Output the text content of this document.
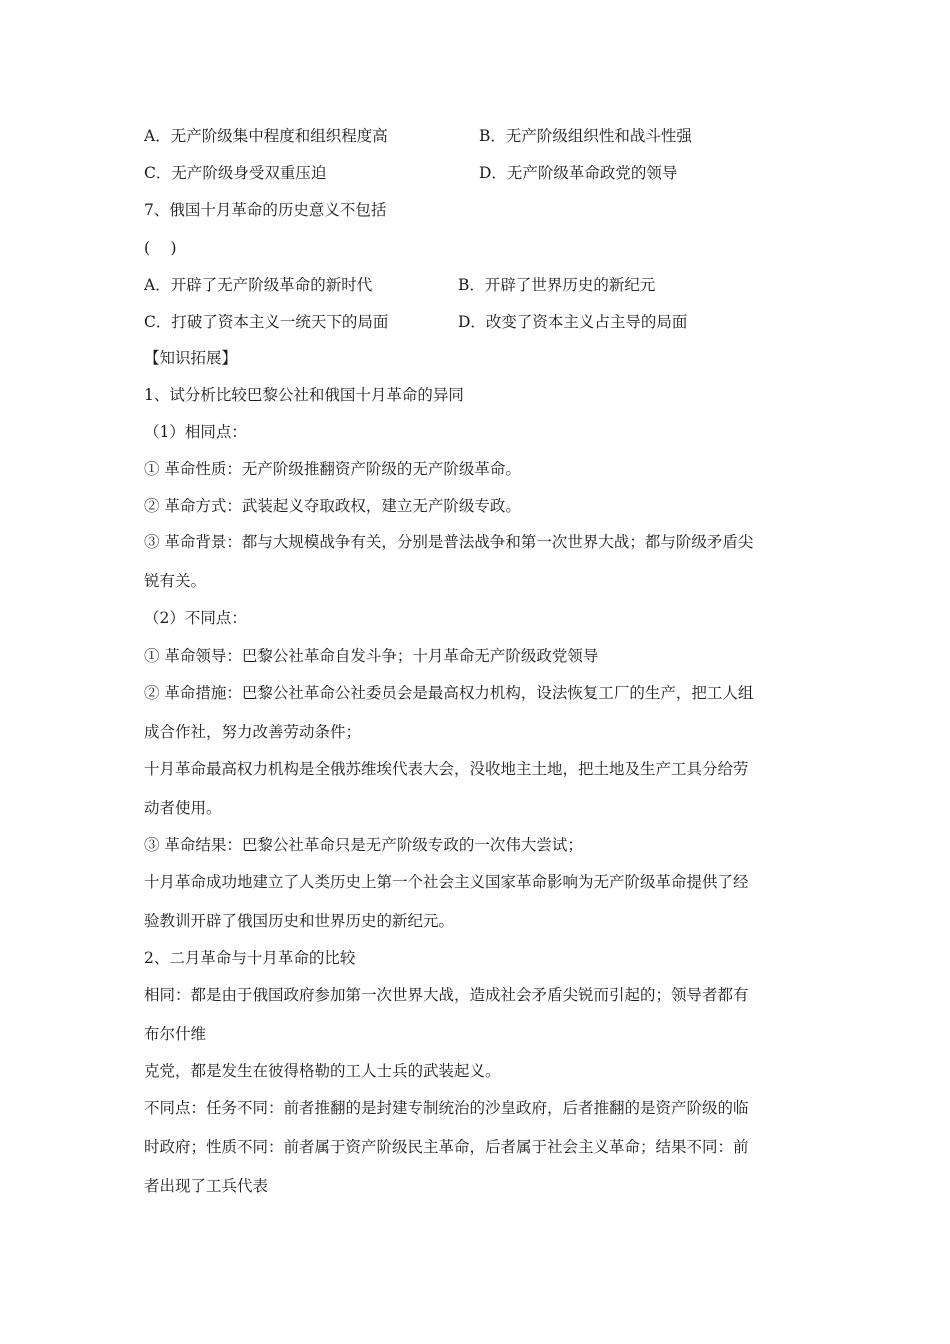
A．无产阶级集中程度和组织程度高	B．无产阶级组织性和战斗性强
C．无产阶级身受双重压迫	D．无产阶级革命政党的领导
7、俄国十月革命的历史意义不包括
(　 )
A．开辟了无产阶级革命的新时代	B．开辟了世界历史的新纪元
C．打破了资本主义一统天下的局面	D．改变了资本主义占主导的局面
【知识拓展】
1、试分析比较巴黎公社和俄国十月革命的异同
（1）相同点：
① 革命性质：无产阶级推翻资产阶级的无产阶级革命。
② 革命方式：武装起义夺取政权，建立无产阶级专政。
③ 革命背景：都与大规模战争有关，分别是普法战争和第一次世界大战；都与阶级矛盾尖
锐有关。
（2）不同点：
① 革命领导：巴黎公社革命自发斗争；十月革命无产阶级政党领导
② 革命措施：巴黎公社革命公社委员会是最高权力机构，设法恢复工厂的生产，把工人组
成合作社，努力改善劳动条件；
十月革命最高权力机构是全俄苏维埃代表大会，没收地主土地，把土地及生产工具分给劳
动者使用。
③ 革命结果：巴黎公社革命只是无产阶级专政的一次伟大尝试；
十月革命成功地建立了人类历史上第一个社会主义国家革命影响为无产阶级革命提供了经
验教训开辟了俄国历史和世界历史的新纪元。
2、二月革命与十月革命的比较
相同：都是由于俄国政府参加第一次世界大战，造成社会矛盾尖锐而引起的；领导者都有
布尔什维
克党，都是发生在彼得格勒的工人士兵的武装起义。
不同点：任务不同：前者推翻的是封建专制统治的沙皇政府，后者推翻的是资产阶级的临
时政府；性质不同：前者属于资产阶级民主革命，后者属于社会主义革命；结果不同：前
者出现了工兵代表
